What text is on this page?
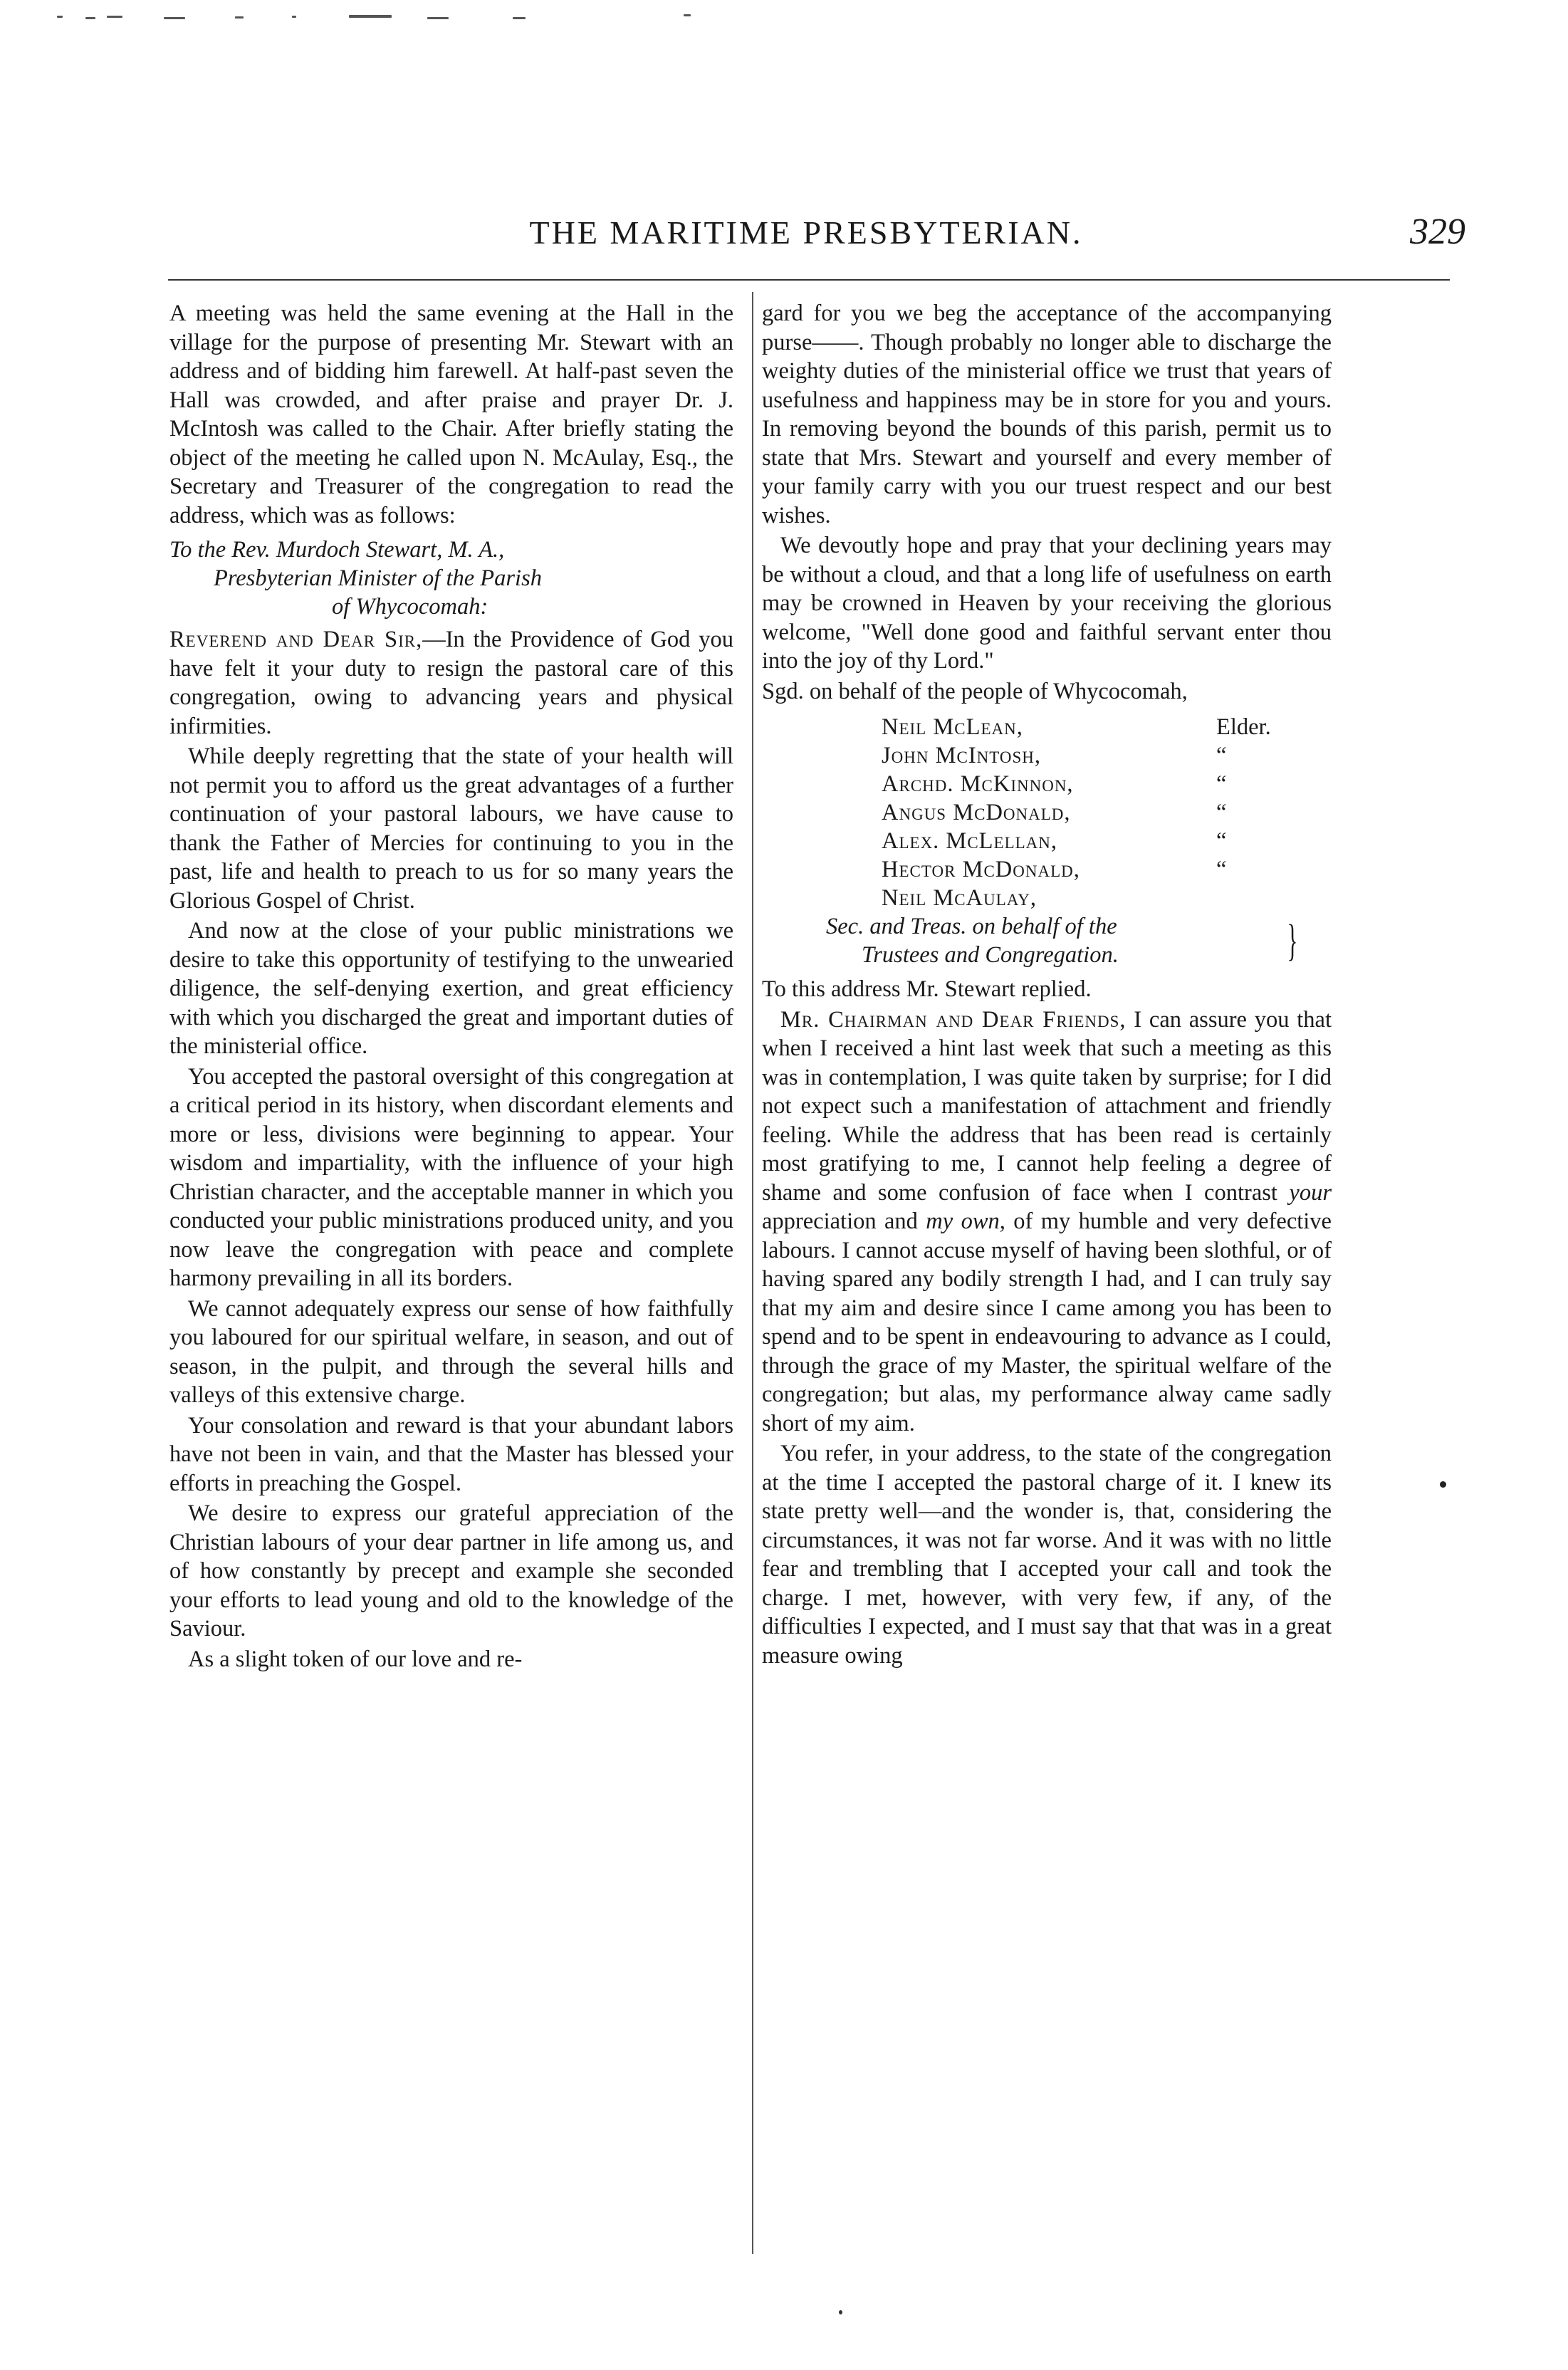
THE MARITIME PRESBYTERIAN.	329

A meeting was held the same evening at the Hall in the village for the purpose of presenting Mr. Stewart with an address and of bidding him farewell. At half-past seven the Hall was crowded, and after praise and prayer Dr. J. McIntosh was called to the Chair. After briefly stating the object of the meeting he called upon N. McAulay, Esq., the Secretary and Treasurer of the congregation to read the address, which was as follows:

To the Rev. Murdoch Stewart, M. A.,
Presbyterian Minister of the Parish
of Whycocomah:

Reverend and Dear Sir,—In the Providence of God you have felt it your duty to resign the pastoral care of this congregation, owing to advancing years and physical infirmities.

While deeply regretting that the state of your health will not permit you to afford us the great advantages of a further continuation of your pastoral labours, we have cause to thank the Father of Mercies for continuing to you in the past, life and health to preach to us for so many years the Glorious Gospel of Christ.

And now at the close of your public ministrations we desire to take this opportunity of testifying to the unwearied diligence, the self-denying exertion, and great efficiency with which you discharged the great and important duties of the ministerial office.

You accepted the pastoral oversight of this congregation at a critical period in its history, when discordant elements and more or less, divisions were beginning to appear. Your wisdom and impartiality, with the influence of your high Christian character, and the acceptable manner in which you conducted your public ministrations produced unity, and you now leave the congregation with peace and complete harmony prevailing in all its borders.

We cannot adequately express our sense of how faithfully you laboured for our spiritual welfare, in season, and out of season, in the pulpit, and through the several hills and valleys of this extensive charge.

Your consolation and reward is that your abundant labors have not been in vain, and that the Master has blessed your efforts in preaching the Gospel.

We desire to express our grateful appreciation of the Christian labours of your dear partner in life among us, and of how constantly by precept and example she seconded your efforts to lead young and old to the knowledge of the Saviour.

As a slight token of our love and re-

gard for you we beg the acceptance of the accompanying purse——. Though probably no longer able to discharge the weighty duties of the ministerial office we trust that years of usefulness and happiness may be in store for you and yours. In removing beyond the bounds of this parish, permit us to state that Mrs. Stewart and yourself and every member of your family carry with you our truest respect and our best wishes.

We devoutly hope and pray that your declining years may be without a cloud, and that a long life of usefulness on earth may be crowned in Heaven by your receiving the glorious welcome, "Well done good and faithful servant enter thou into the joy of thy Lord."

Sgd. on behalf of the people of Whycocomah,

Neil McLean,	Elder.
John McIntosh,	“
Archd. McKinnon,	“
Angus McDonald,	“
Alex. McLellan,	“
Hector McDonald,	“
Neil McAulay,
Sec. and Treas. on behalf of the
Trustees and Congregation.	}

To this address Mr. Stewart replied.

Mr. Chairman and Dear Friends, I can assure you that when I received a hint last week that such a meeting as this was in contemplation, I was quite taken by surprise; for I did not expect such a manifestation of attachment and friendly feeling. While the address that has been read is certainly most gratifying to me, I cannot help feeling a degree of shame and some confusion of face when I contrast your appreciation and my own, of my humble and very defective labours. I cannot accuse myself of having been slothful, or of having spared any bodily strength I had, and I can truly say that my aim and desire since I came among you has been to spend and to be spent in endeavouring to advance as I could, through the grace of my Master, the spiritual welfare of the congregation; but alas, my performance alway came sadly short of my aim.

You refer, in your address, to the state of the congregation at the time I accepted the pastoral charge of it. I knew its state pretty well—and the wonder is, that, considering the circumstances, it was not far worse. And it was with no little fear and trembling that I accepted your call and took the charge. I met, however, with very few, if any, of the difficulties I expected, and I must say that that was in a great measure owing
